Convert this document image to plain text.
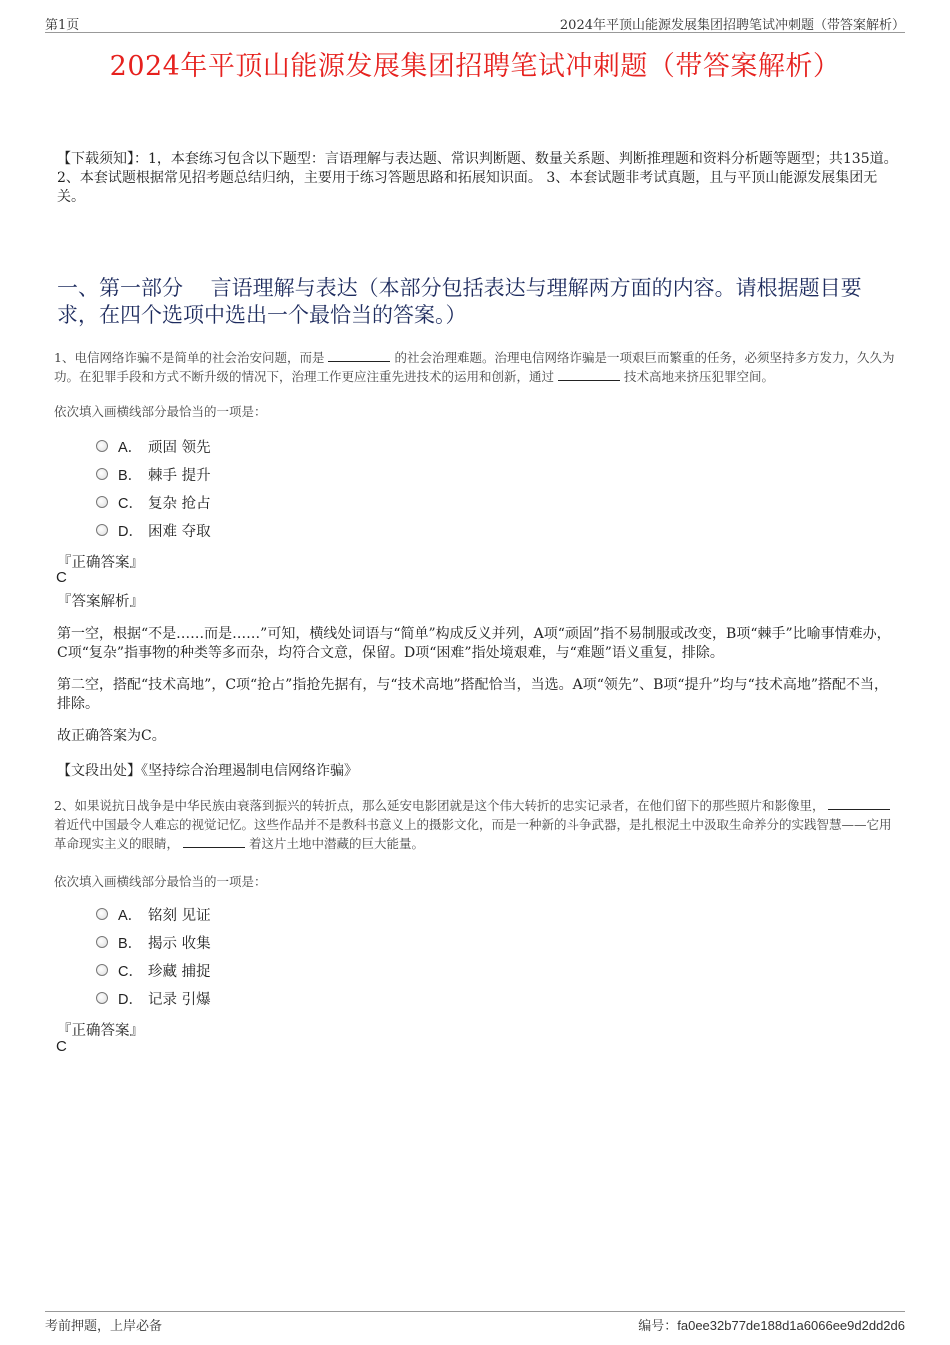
第1页	2024年平顶山能源发展集团招聘笔试冲刺题（带答案解析）
2024年平顶山能源发展集团招聘笔试冲刺题（带答案解析）
【下载须知】：1，本套练习包含以下题型：言语理解与表达题、常识判断题、数量关系题、判断推理题和资料分析题等题型；共135道。 2、本套试题根据常见招考题总结归纳，主要用于练习答题思路和拓展知识面。 3、本套试题非考试真题，且与平顶山能源发展集团无关。
一、第一部分　 言语理解与表达（本部分包括表达与理解两方面的内容。请根据题目要求，在四个选项中选出一个最恰当的答案。）
1、电信网络诈骗不是简单的社会治安问题，而是	的社会治理难题。治理电信网络诈骗是一项艰巨而繁重的任务，必须坚持多方发力，久久为功。在犯罪手段和方式不断升级的情况下，治理工作更应注重先进技术的运用和创新，通过	技术高地来挤压犯罪空间。
依次填入画横线部分最恰当的一项是：
A． 顽固 领先
B． 棘手 提升
C． 复杂 抢占
D． 困难 夺取
『正确答案』
C
『答案解析』
第一空，根据“不是……而是……”可知，横线处词语与“简单”构成反义并列，A项“顽固”指不易制服或改变，B项“棘手”比喻事情难办，C项“复杂”指事物的种类等多而杂，均符合文意，保留。D项“困难”指处境艰难，与“难题”语义重复，排除。
第二空，搭配“技术高地”，C项“抢占”指抢先据有，与“技术高地”搭配恰当，当选。A项“领先”、B项“提升”均与“技术高地”搭配不当，排除。
故正确答案为C。
【文段出处】《坚持综合治理遏制电信网络诈骗》
2、如果说抗日战争是中华民族由衰落到振兴的转折点，那么延安电影团就是这个伟大转折的忠实记录者，在他们留下的那些照片和影像里，  着近代中国最令人难忘的视觉记忆。这些作品并不是教科书意义上的摄影文化，而是一种新的斗争武器，是扎根泥土中汲取生命养分的实践智慧——它用革命现实主义的眼睛，	着这片土地中潜藏的巨大能量。
依次填入画横线部分最恰当的一项是：
A． 铭刻 见证
B． 揭示 收集
C． 珍藏 捕捉
D． 记录 引爆
『正确答案』
C
考前押题，上岸必备	编号：fa0ee32b77de188d1a6066ee9d2dd2d6
